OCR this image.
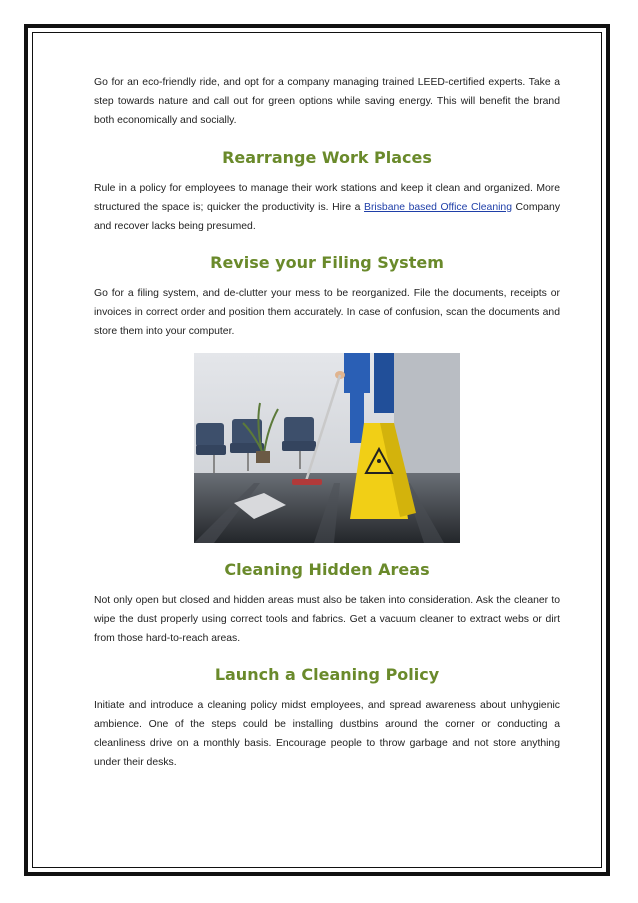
Go for an eco-friendly ride, and opt for a company managing trained LEED-certified experts. Take a step towards nature and call out for green options while saving energy. This will benefit the brand both economically and socially.

Rearrange Work Places

Rule in a policy for employees to manage their work stations and keep it clean and organized. More structured the space is; quicker the productivity is. Hire a Brisbane based Office Cleaning Company and recover lacks being presumed.

Revise your Filing System

Go for a filing system, and de-clutter your mess to be reorganized. File the documents, receipts or invoices in correct order and position them accurately. In case of confusion, scan the documents and store them into your computer.

Cleaning Hidden Areas

Not only open but closed and hidden areas must also be taken into consideration. Ask the cleaner to wipe the dust properly using correct tools and fabrics. Get a vacuum cleaner to extract webs or dirt from those hard-to-reach areas.

Launch a Cleaning Policy

Initiate and introduce a cleaning policy midst employees, and spread awareness about unhygienic ambience. One of the steps could be installing dustbins around the corner or conducting a cleanliness drive on a monthly basis. Encourage people to throw garbage and not store anything under their desks.
